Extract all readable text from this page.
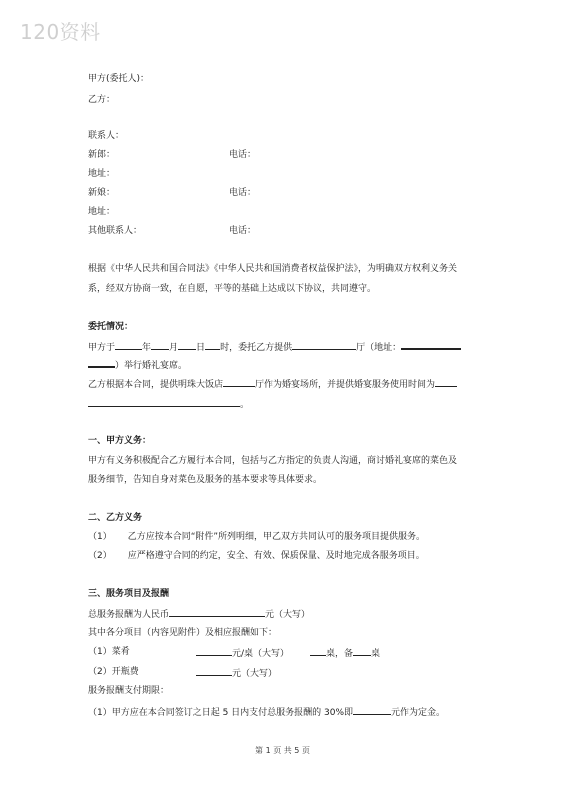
120资料
甲方(委托人)：
乙方：
联系人：
新郎：	电话：
地址：
新娘：	电话：
地址：
其他联系人：	电话：
根据《中华人民共和国合同法》《中华人民共和国消费者权益保护法》，为明确双方权利义务关
系，经双方协商一致，在自愿，平等的基础上达成以下协议，共同遵守。
委托情况：
甲方于	年 月 日 时，委托乙方提供	厅（地址：
）举行婚礼宴席。
乙方根据本合同，提供明珠大饭店	厅作为婚宴场所，并提供婚宴服务使用时间为
。
一、甲方义务：
甲方有义务积极配合乙方履行本合同，包括与乙方指定的负责人沟通，商讨婚礼宴席的菜色及
服务细节，告知自身对菜色及服务的基本要求等具体要求。
二、乙方义务
（1） 乙方应按本合同“附件”所列明细，甲乙双方共同认可的服务项目提供服务。
（2） 应严格遵守合同的约定，安全、有效、保质保量、及时地完成各服务项目。
三、服务项目及报酬
总服务报酬为人民币	元（大写）
其中各分项目（内容见附件）及相应报酬如下：
（1）菜肴	元/桌（大写）	桌，备 桌
（2）开瓶费	元（大写）
服务报酬支付期限：
（1）甲方应在本合同签订之日起 5 日内支付总服务报酬的 30%即	元作为定金。
第 1 页 共 5 页
